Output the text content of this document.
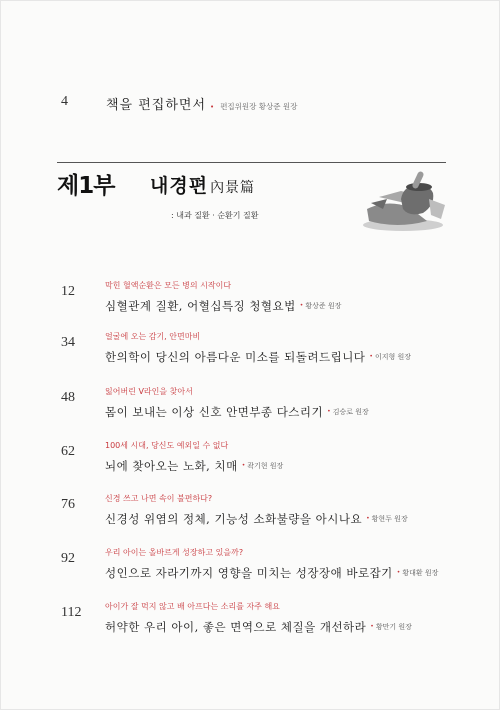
4	책을 편집하면서 • 편집위원장 황상준 원장
제1부 내경편 內景篇
: 내과 질환 · 순환기 질환
12	막힌 혈액순환은 모든 병의 시작이다
심혈관계 질환, 어혈십특징 청혈요법 • 황상준 원장
34	얼굴에 오는 감기, 안면마비
한의학이 당신의 아름다운 미소를 되돌려드립니다 • 이지형 원장
48	잃어버린 V라인을 찾아서
몸이 보내는 이상 신호 안면부종 다스리기 • 김승로 원장
62	100세 시대, 당신도 예외일 수 없다
뇌에 찾아오는 노화, 치매 • 곽기현 원장
76	신경 쓰고 나면 속이 불편하다?
신경성 위염의 정체, 기능성 소화불량을 아시나요 • 황현두 원장
92	우리 아이는 올바르게 성장하고 있을까?
성인으로 자라기까지 영향을 미치는 성장장애 바로잡기 • 황대환 원장
112	아이가 잘 먹지 않고 배 아프다는 소리를 자주 해요
허약한 우리 아이, 좋은 면역으로 체질을 개선하라 • 황만기 원장
